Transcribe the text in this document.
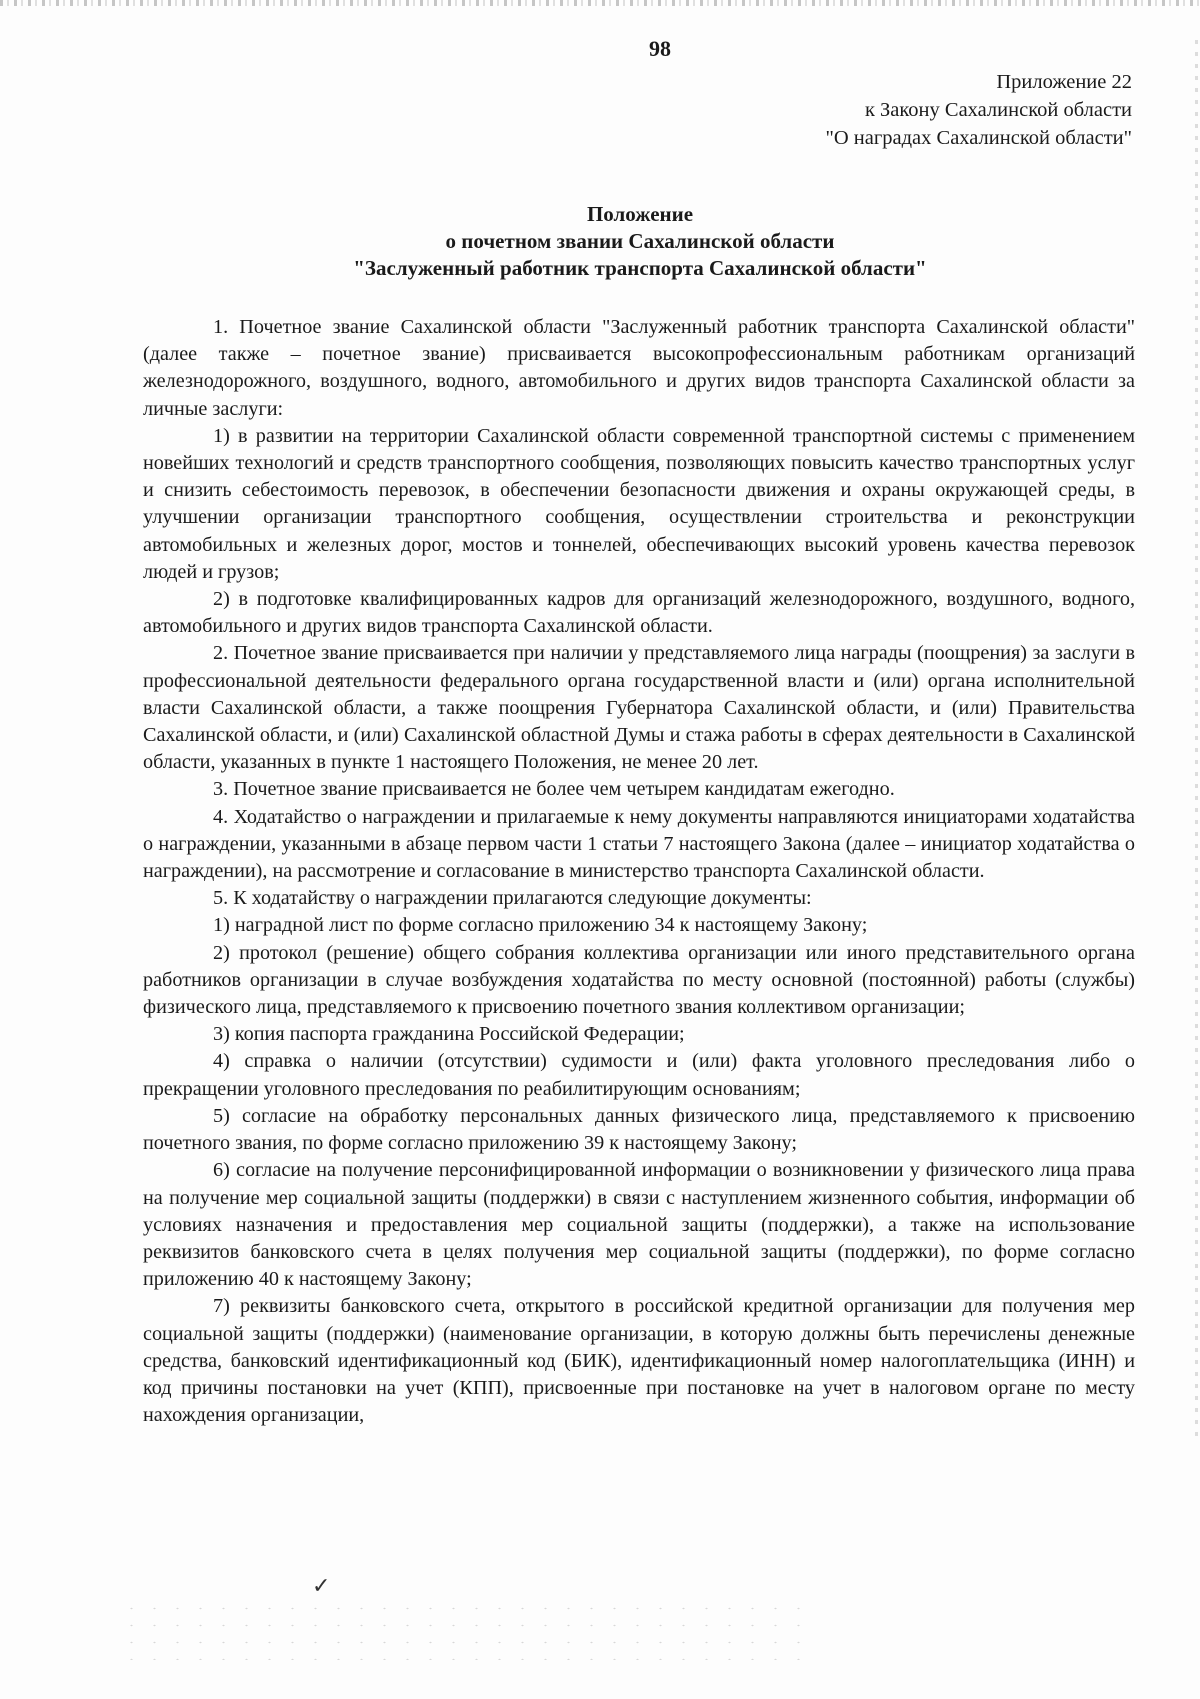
98
Приложение 22
к Закону Сахалинской области
"О наградах Сахалинской области"
Положение
о почетном звании Сахалинской области
"Заслуженный работник транспорта Сахалинской области"

1. Почетное звание Сахалинской области "Заслуженный работник транспорта Сахалинской области" (далее также – почетное звание) присваивается высокопрофессиональным работникам организаций железнодорожного, воздушного, водного, автомобильного и других видов транспорта Сахалинской области за личные заслуги:

1) в развитии на территории Сахалинской области современной транспортной системы с применением новейших технологий и средств транспортного сообщения, позволяющих повысить качество транспортных услуг и снизить себестоимость перевозок, в обеспечении безопасности движения и охраны окружающей среды, в улучшении организации транспортного сообщения, осуществлении строительства и реконструкции автомобильных и железных дорог, мостов и тоннелей, обеспечивающих высокий уровень качества перевозок людей и грузов;

2) в подготовке квалифицированных кадров для организаций железнодорожного, воздушного, водного, автомобильного и других видов транспорта Сахалинской области.

2. Почетное звание присваивается при наличии у представляемого лица награды (поощрения) за заслуги в профессиональной деятельности федерального органа государственной власти и (или) органа исполнительной власти Сахалинской области, а также поощрения Губернатора Сахалинской области, и (или) Правительства Сахалинской области, и (или) Сахалинской областной Думы и стажа работы в сферах деятельности в Сахалинской области, указанных в пункте 1 настоящего Положения, не менее 20 лет.

3. Почетное звание присваивается не более чем четырем кандидатам ежегодно.

4. Ходатайство о награждении и прилагаемые к нему документы направляются инициаторами ходатайства о награждении, указанными в абзаце первом части 1 статьи 7 настоящего Закона (далее – инициатор ходатайства о награждении), на рассмотрение и согласование в министерство транспорта Сахалинской области.

5. К ходатайству о награждении прилагаются следующие документы:

1) наградной лист по форме согласно приложению 34 к настоящему Закону;

2) протокол (решение) общего собрания коллектива организации или иного представительного органа работников организации в случае возбуждения ходатайства по месту основной (постоянной) работы (службы) физического лица, представляемого к присвоению почетного звания коллективом организации;

3) копия паспорта гражданина Российской Федерации;

4) справка о наличии (отсутствии) судимости и (или) факта уголовного преследования либо о прекращении уголовного преследования по реабилитирующим основаниям;

5) согласие на обработку персональных данных физического лица, представляемого к присвоению почетного звания, по форме согласно приложению 39 к настоящему Закону;

6) согласие на получение персонифицированной информации о возникновении у физического лица права на получение мер социальной защиты (поддержки) в связи с наступлением жизненного события, информации об условиях назначения и предоставления мер социальной защиты (поддержки), а также на использование реквизитов банковского счета в целях получения мер социальной защиты (поддержки), по форме согласно приложению 40 к настоящему Закону;

7) реквизиты банковского счета, открытого в российской кредитной организации для получения мер социальной защиты (поддержки) (наименование организации, в которую должны быть перечислены денежные средства, банковский идентификационный код (БИК), идентификационный номер налогоплательщика (ИНН) и код причины постановки на учет (КПП), присвоенные при постановке на учет в налоговом органе по месту нахождения организации,

✓
